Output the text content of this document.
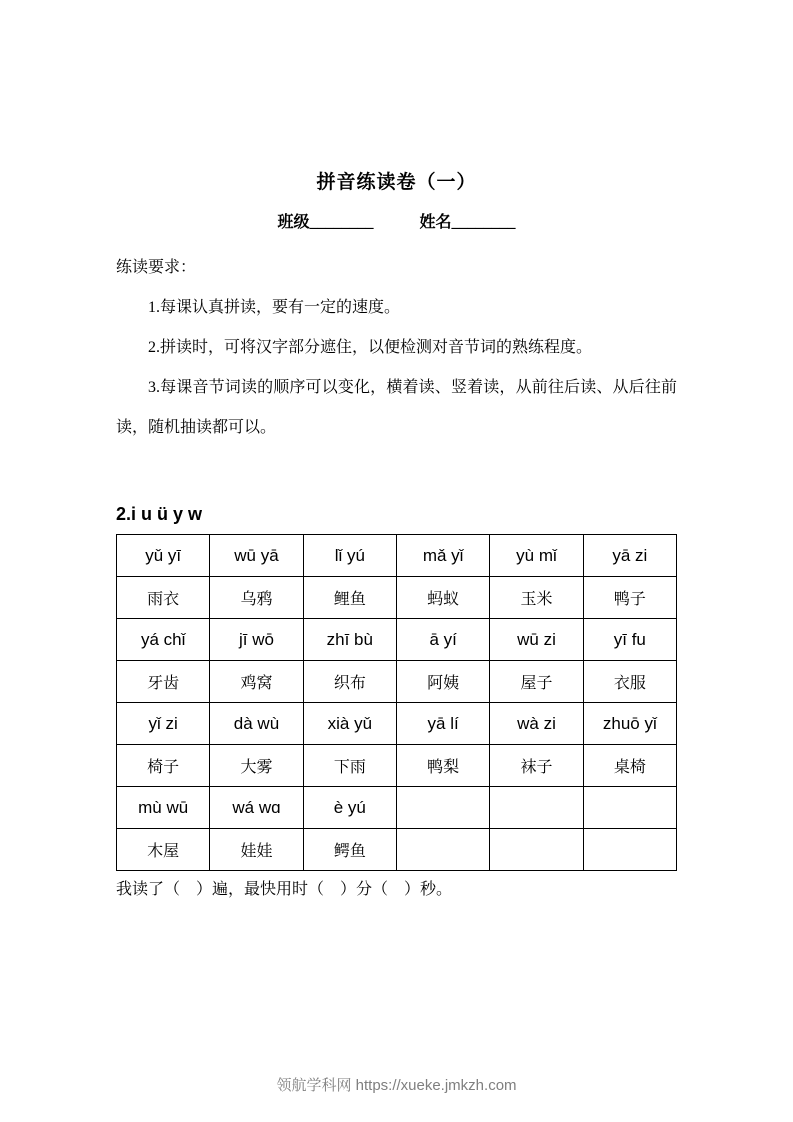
拼音练读卷（一）
班级________	姓名________

练读要求：

1.每课认真拼读，要有一定的速度。

2.拼读时，可将汉字部分遮住，以便检测对音节词的熟练程度。

3.每课音节词读的顺序可以变化，横着读、竖着读，从前往后读、从后往前读，随机抽读都可以。

2.i u ü y w
yǔ yī	wū yā	lǐ yú	mǎ yǐ	yù mǐ	yā zi
雨衣	乌鸦	鲤鱼	蚂蚁	玉米	鸭子
yá chǐ	jī wō	zhī bù	ā yí	wū zi	yī fu
牙齿	鸡窝	织布	阿姨	屋子	衣服
yǐ zi	dà wù	xià yǔ	yā lí	wà zi	zhuō yǐ
椅子	大雾	下雨	鸭梨	袜子	桌椅
mù wū	wá wɑ	è yú			
木屋	娃娃	鳄鱼			

我读了（　）遍，最快用时（　）分（　）秒。

领航学科网 https://xueke.jmkzh.com
